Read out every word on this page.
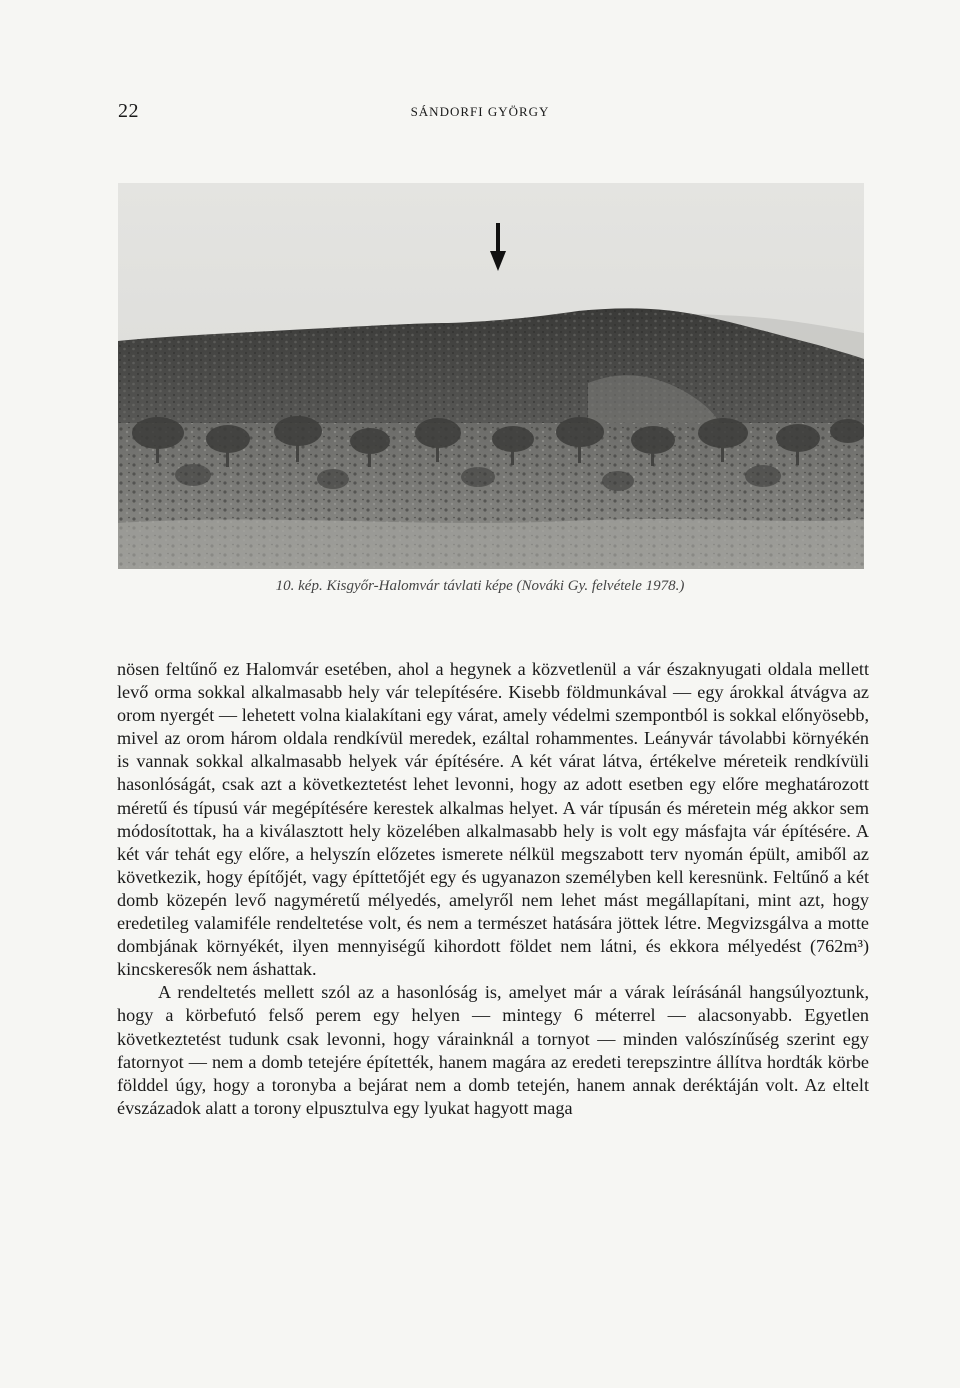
22	SÁNDORFI GYÖRGY
10. kép. Kisgyőr-Halomvár távlati képe (Nováki Gy. felvétele 1978.)

nösen feltűnő ez Halomvár esetében, ahol a hegynek a közvetlenül a vár északnyugati oldala mellett levő orma sokkal alkalmasabb hely vár telepítésére. Kisebb földmunkával — egy árokkal átvágva az orom nyergét — lehetett volna kialakítani egy várat, amely védelmi szempontból is sokkal előnyösebb, mivel az orom három oldala rendkívül meredek, ezáltal rohammentes. Leányvár távolabbi környékén is vannak sokkal alkalmasabb helyek vár építésére. A két várat látva, értékelve méreteik rendkívüli hasonlóságát, csak azt a következtetést lehet levonni, hogy az adott esetben egy előre meghatározott méretű és típusú vár megépítésére kerestek alkalmas helyet. A vár típusán és méretein még akkor sem módosítottak, ha a kiválasztott hely közelében alkalmasabb hely is volt egy másfajta vár építésére. A két vár tehát egy előre, a helyszín előzetes ismerete nélkül megszabott terv nyomán épült, amiből az következik, hogy építőjét, vagy építtetőjét egy és ugyanazon személyben kell keresnünk. Feltűnő a két domb közepén levő nagyméretű mélyedés, amelyről nem lehet mást megállapítani, mint azt, hogy eredetileg valamiféle rendeltetése volt, és nem a természet hatására jöttek létre. Megvizsgálva a motte dombjának környékét, ilyen mennyiségű kihordott földet nem látni, és ekkora mélyedést (762m³) kincskeresők nem áshattak.

A rendeltetés mellett szól az a hasonlóság is, amelyet már a várak leírásánál hangsúlyoztunk, hogy a körbefutó felső perem egy helyen — mintegy 6 méterrel — alacsonyabb. Egyetlen következtetést tudunk csak levonni, hogy várainknál a tornyot — minden valószínűség szerint egy fatornyot — nem a domb tetejére építették, hanem magára az eredeti terepszintre állítva hordták körbe földdel úgy, hogy a toronyba a bejárat nem a domb tetején, hanem annak deréktáján volt. Az eltelt évszázadok alatt a torony elpusztulva egy lyukat hagyott maga
